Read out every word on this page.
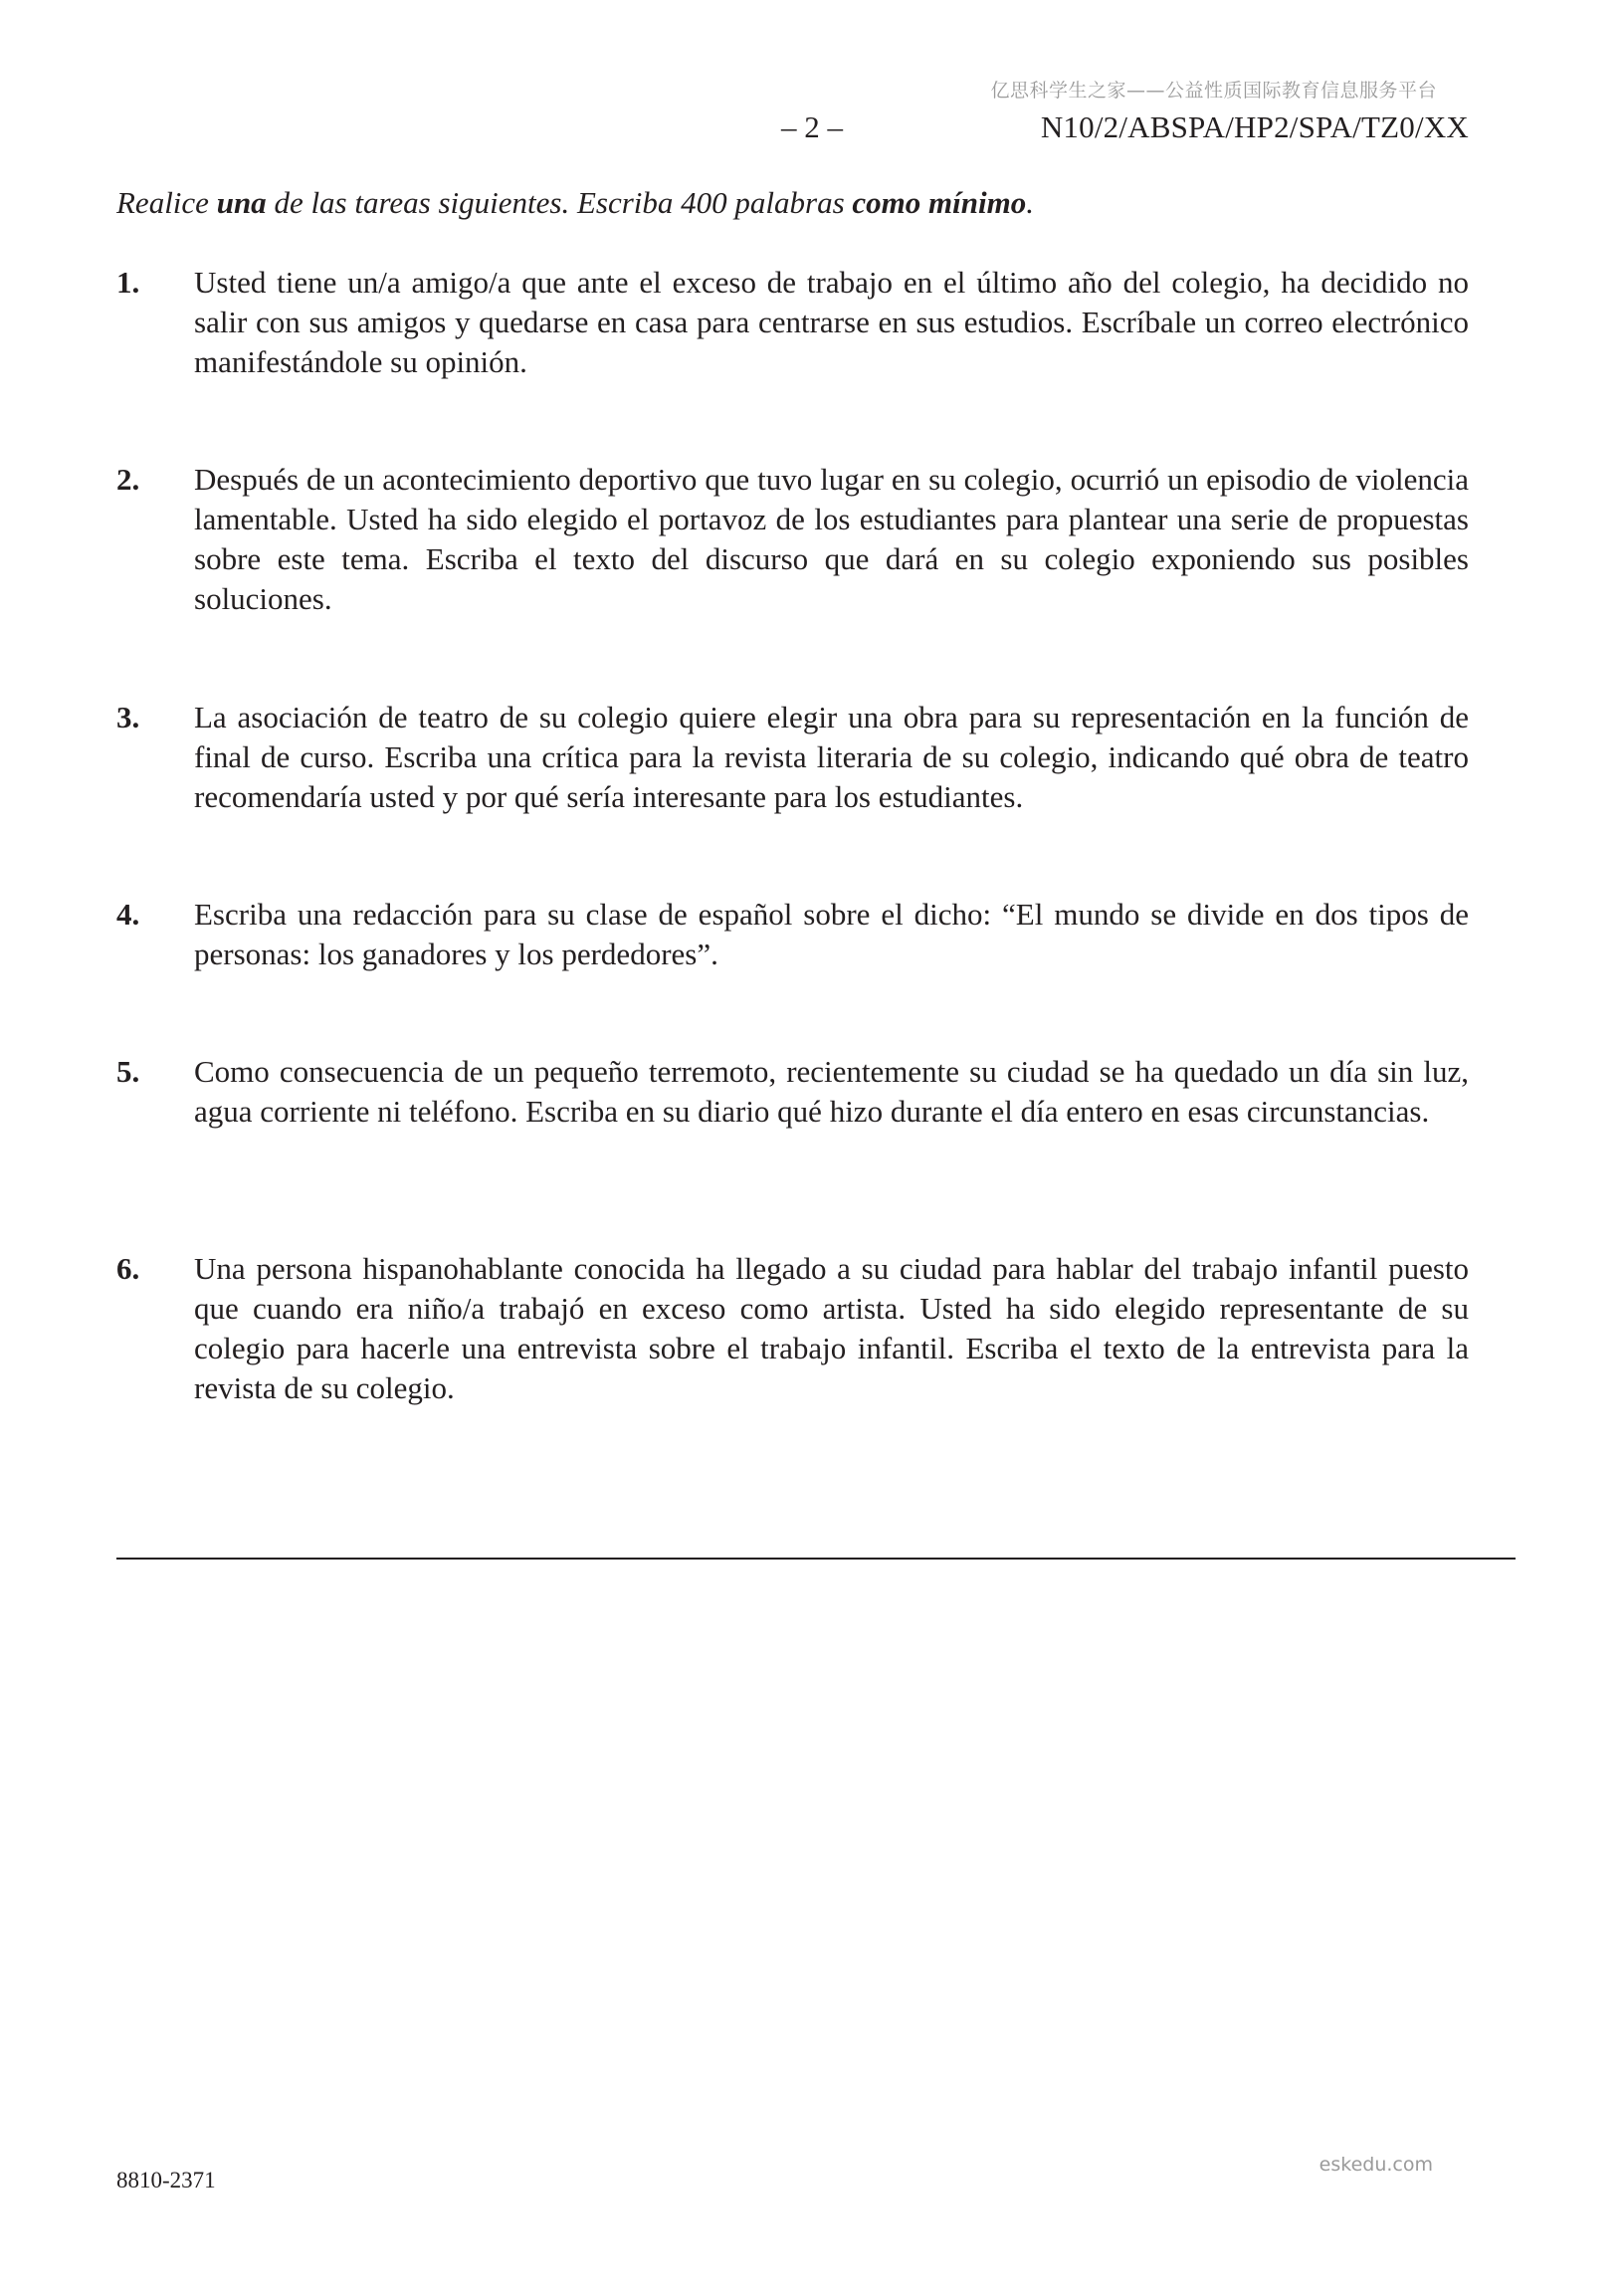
亿思科学生之家——公益性质国际教育信息服务平台
– 2 –	N10/2/ABSPA/HP2/SPA/TZ0/XX
Realice una de las tareas siguientes. Escriba 400 palabras como mínimo.
1.	Usted tiene un/a amigo/a que ante el exceso de trabajo en el último año del colegio, ha decidido no salir con sus amigos y quedarse en casa para centrarse en sus estudios. Escríbale un correo electrónico manifestándole su opinión.
2.	Después de un acontecimiento deportivo que tuvo lugar en su colegio, ocurrió un episodio de violencia lamentable. Usted ha sido elegido el portavoz de los estudiantes para plantear una serie de propuestas sobre este tema. Escriba el texto del discurso que dará en su colegio exponiendo sus posibles soluciones.
3.	La asociación de teatro de su colegio quiere elegir una obra para su representación en la función de final de curso. Escriba una crítica para la revista literaria de su colegio, indicando qué obra de teatro recomendaría usted y por qué sería interesante para los estudiantes.
4.	Escriba una redacción para su clase de español sobre el dicho: “El mundo se divide en dos tipos de personas: los ganadores y los perdedores”.
5.	Como consecuencia de un pequeño terremoto, recientemente su ciudad se ha quedado un día sin luz, agua corriente ni teléfono. Escriba en su diario qué hizo durante el día entero en esas circunstancias.
6.	Una persona hispanohablante conocida ha llegado a su ciudad para hablar del trabajo infantil puesto que cuando era niño/a trabajó en exceso como artista. Usted ha sido elegido representante de su colegio para hacerle una entrevista sobre el trabajo infantil. Escriba el texto de la entrevista para la revista de su colegio.
eskedu.com
8810-2371
